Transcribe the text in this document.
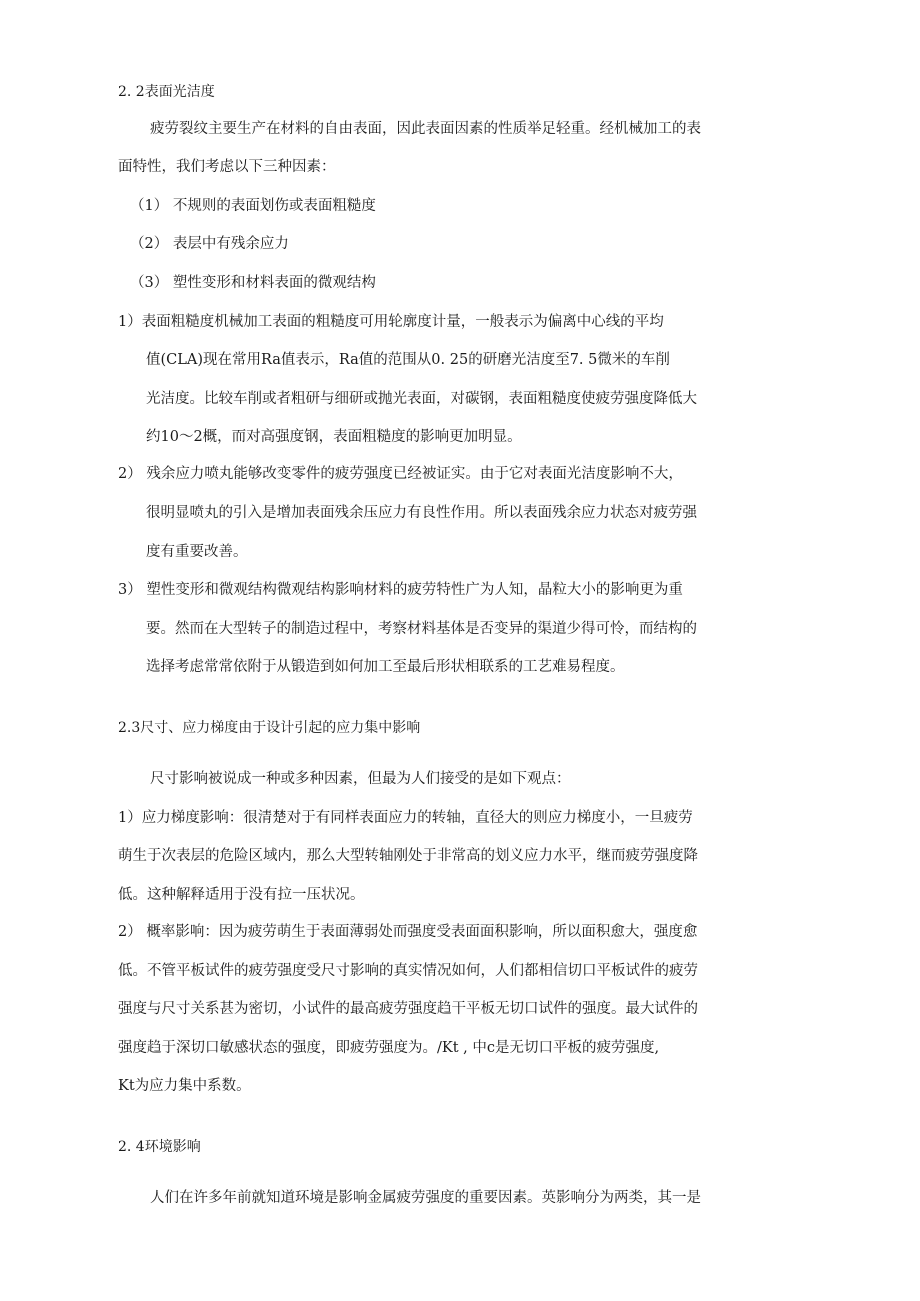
2. 2表面光洁度
疲劳裂纹主要生产在材料的自由表面，因此表面因素的性质举足轻重。经机械加工的表
面特性，我们考虑以下三种因素：
（1） 不规则的表面划伤或表面粗糙度
（2） 表层中有残余应力
（3） 塑性变形和材料表面的微观结构
1）表面粗糙度机械加工表面的粗糙度可用轮廓度计量，一般表示为偏离中心线的平均
值(CLA)现在常用Ra值表示，Ra值的范围从0. 25的研磨光洁度至7. 5微米的车削
光洁度。比较车削或者粗研与细研或抛光表面，对碳钢，表面粗糙度使疲劳强度降低大
约10〜2概，而对高强度钢，表面粗糙度的影响更加明显。
2） 残余应力喷丸能够改变零件的疲劳强度已经被证实。由于它对表面光洁度影响不大，
很明显喷丸的引入是增加表面残余压应力有良性作用。所以表面残余应力状态对疲劳强
度有重要改善。
3） 塑性变形和微观结构微观结构影响材料的疲劳特性广为人知，晶粒大小的影响更为重
要。然而在大型转子的制造过程中，考察材料基体是否变异的渠道少得可怜，而结构的
选择考虑常常依附于从锻造到如何加工至最后形状相联系的工艺难易程度。
2.3尺寸、应力梯度由于设计引起的应力集中影响
尺寸影响被说成一种或多种因素，但最为人们接受的是如下观点：
1）应力梯度影响：很清楚对于有同样表面应力的转轴，直径大的则应力梯度小，一旦疲劳
萌生于次表层的危险区域内，那么大型转轴刚处于非常高的划义应力水平，继而疲劳强度降
低。这种解释适用于没有拉一压状况。
2） 概率影响：因为疲劳萌生于表面薄弱处而强度受表面面积影响，所以面积愈大，强度愈
低。不管平板试件的疲劳强度受尺寸影响的真实情况如何，人们都相信切口平板试件的疲劳
强度与尺寸关系甚为密切，小试件的最高疲劳强度趋干平板无切口试件的强度。最大试件的
强度趋于深切口敏感状态的强度，即疲劳强度为。/Kt , 中c是无切口平板的疲劳强度,
Kt为应力集中系数。
2. 4环境影响
人们在许多年前就知道环境是影响金属疲劳强度的重要因素。英影响分为两类，其一是
